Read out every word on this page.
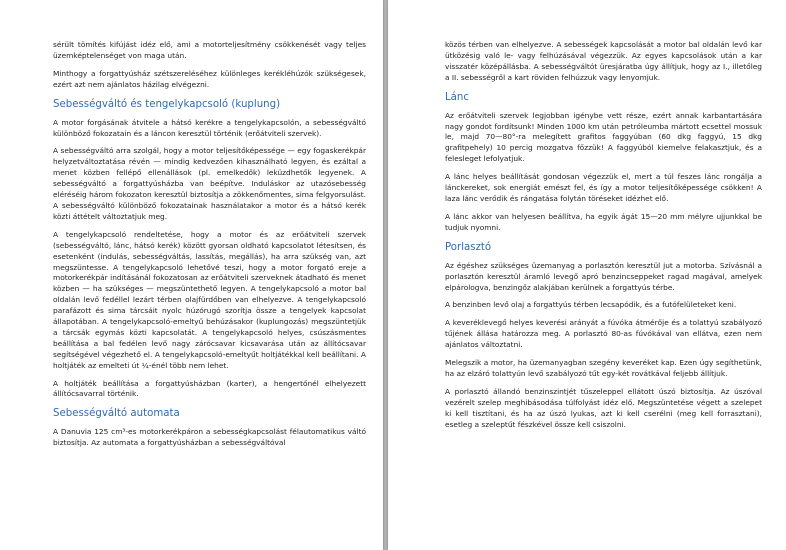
sérült tömítés kifújást idéz elő, ami a motorteljesítmény csökkenését vagy teljes üzemképtelenséget von maga után.

Minthogy a forgattyúsház szétszereléséhez különleges kerékléhúzók szükségesek, ezért azt nem ajánlatos házilag elvégezni.

Sebességváltó és tengelykapcsoló (kuplung)

A motor forgásának átvitele a hátsó kerékre a tengelykapcsolón, a sebességváltó különböző fokozatain és a láncon keresztül történik (erőátviteli szervek).

A sebességváltó arra szolgál, hogy a motor teljesítőképessége — egy fogaskerékpár helyzetváltoztatása révén — mindig kedvezően kihasználható legyen, és ezáltal a menet közben fellépő ellenállások (pl. emelkedők) leküzdhetők legyenek. A sebességváltó a forgattyúsházba van beépítve. Induláskor az utazósebesség eléréséig három fokozaton keresztül biztosítja a zökkenőmentes, sima felgyorsulást. A sebességváltó különböző fokozatainak használatakor a motor és a hátsó kerék közti áttételt változtatjuk meg.

A tengelykapcsoló rendeltetése, hogy a motor és az erőátviteli szervek (sebességváltó, lánc, hátsó kerék) között gyorsan oldható kapcsolatot létesítsen, és esetenként (indulás, sebességváltás, lassítás, megállás), ha arra szükség van, azt megszüntesse. A tengelykapcsoló lehetővé teszi, hogy a motor forgató ereje a motorkerékpár indításánál fokozatosan az erőátviteli szerveknek átadható és menet közben — ha szükséges — megszüntethető legyen. A tengelykapcsoló a motor bal oldalán levő fedéllel lezárt térben olajfürdőben van elhelyezve. A tengelykapcsoló parafázott és sima tárcsáit nyolc húzórugó szorítja össze a tengelyek kapcsolat állapotában. A tengelykapcsoló-emeltyű behúzásakor (kuplungozás) megszüntetjük a tárcsák egymás közti kapcsolatát. A tengelykapcsoló helyes, csúszásmentes beállítása a bal fedélen levő nagy zárócsavar kicsavarása után az állítócsavar segítségével végezhető el. A tengelykapcsoló-emeltyűt holtjátékkal kell beállítani. A holtjáték az emelteti út ¼-énél több nem lehet.

A holtjáték beállítása a forgattyúsházban (karter), a hengertőnél elhelyezett állítócsavarral történik.

Sebességváltó automata

A Danuvia 125 cm³-es motorkerékpáron a sebességkapcsolást félautomatikus váltó biztosítja. Az automata a forgattyúsházban a sebességváltóval

közös térben van elhelyezve. A sebességek kapcsolását a motor bal oldalán levő kar ütközésig való le- vagy felhúzásával végezzük. Az egyes kapcsolások után a kar visszatér középállásba. A sebességváltót üresjáratba úgy állítjuk, hogy az I., illetőleg a II. sebességről a kart röviden felhúzzuk vagy lenyomjuk.

Lánc

Az erőátviteli szervek legjobban igénybe vett része, ezért annak karbantartására nagy gondot fordítsunk! Minden 1000 km után petróleumba mártott ecsettel mossuk le, majd 70—80°-ra melegített grafitos faggyúban (60 dkg faggyú, 15 dkg grafitpehely) 10 percig mozgatva főzzük! A faggyúból kiemelve felakasztjuk, és a felesleget lefolyatjuk.

A lánc helyes beállítását gondosan végezzük el, mert a túl feszes lánc rongálja a lánckereket, sok energiát emészt fel, és így a motor teljesítőképessége csökken! A laza lánc verődik és rángatása folytán töréseket idézhet elő.

A lánc akkor van helyesen beállítva, ha egyik ágát 15—20 mm mélyre ujjunkkal be tudjuk nyomni.

Porlasztó

Az égéshez szükséges üzemanyag a porlasztón keresztül jut a motorba. Szívásnál a porlasztón keresztül áramló levegő apró benzincseppeket ragad magával, amelyek elpárologva, benzingőz alakjában kerülnek a forgattyús térbe.

A benzinben levő olaj a forgattyús térben lecsapódik, és a futófelületeket keni.

A keveréklevegő helyes keverési arányát a fúvóka átmérője és a tolattyú szabályozó tűjének állása határozza meg. A porlasztó 80-as fúvókával van ellátva, ezen nem ajánlatos változtatni.

Melegszik a motor, ha üzemanyagban szegény keveréket kap. Ezen úgy segíthetünk, ha az elzáró tolattyún levő szabályozó tűt egy-két rovátkával feljebb állítjuk.

A porlasztó állandó benzinszintjét tűszeleppel ellátott úszó biztosítja. Az úszóval vezérelt szelep meghibásodása túlfolyást idéz elő. Megszüntetése végett a szelepet ki kell tisztítani, és ha az úszó lyukas, azt ki kell cserélni (meg kell forrasztani), esetleg a szeleptűt fészkével össze kell csiszolni.
